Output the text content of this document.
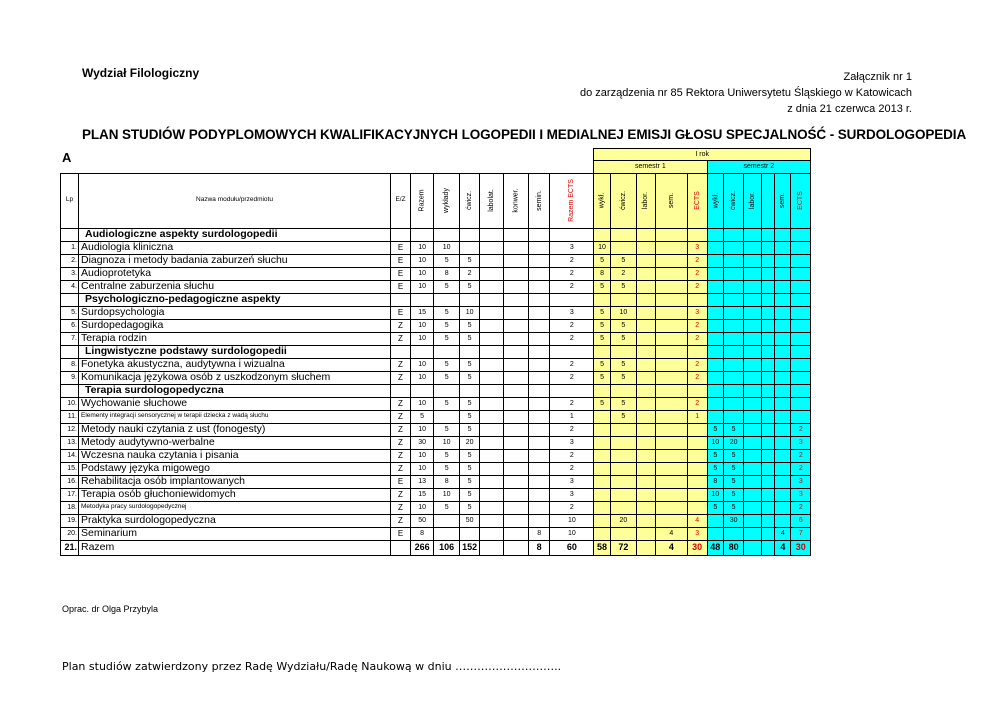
Wydział Filologiczny	Załącznik nr 1
do zarządzenia nr 85 Rektora Uniwersytetu Śląskiego w Katowicach
z dnia 21 czerwca 2013 r.
PLAN STUDIÓW PODYPLOMOWYCH KWALIFIKACYJNYCH LOGOPEDII I MEDIALNEJ EMISJI GŁOSU SPECJALNOŚĆ - SURDOLOGOPEDIA
A
										I rok										
										semestr 1					semestr 2					
Lp	Nazwa modułu/przedmiotu	E/Z	Razem	wykłady	ćwicz.	labolat.	konwer.	semin.	Razem ECTS	wykł.	ćwicz.	labor.	sem.	ECTS	wykł.	ćwicz.	labor.		sem.	ECTS
	Audiologiczne aspekty surdologopedii																			
1.	Audiologia kliniczna	E	10	10					3	10				3						
2.	Diagnoza i metody badania zaburzeń słuchu	E	10	5	5				2	5	5			2						
3.	Audioprotetyka	E	10	8	2				2	8	2			2						
4.	Centralne zaburzenia słuchu	E	10	5	5				2	5	5			2						
	Psychologiczno-pedagogiczne aspekty																			
5.	Surdopsychologia	E	15	5	10				3	5	10			3						
6.	Surdopedagogika	Z	10	5	5				2	5	5			2						
7.	Terapia rodzin	Z	10	5	5				2	5	5			2						
	Lingwistyczne podstawy surdologopedii																			
8.	Fonetyka akustyczna, audytywna i wizualna	Z	10	5	5				2	5	5			2						
9.	Komunikacja językowa osób z uszkodzonym słuchem	Z	10	5	5				2	5	5			2						
	Terapia surdologopedyczna																			
10.	Wychowanie słuchowe	Z	10	5	5				2	5	5			2						
11.	Elementy integracji sensorycznej w terapii dziecka z wadą słuchu	Z	5		5				1		5			1						
12.	Metody nauki czytania z ust (fonogesty)	Z	10	5	5				2						5	5				2
13.	Metody audytywno-werbalne	Z	30	10	20				3						10	20				3
14.	Wczesna nauka czytania i pisania	Z	10	5	5				2						5	5				2
15.	Podstawy języka migowego	Z	10	5	5				2						5	5				2
16.	Rehabilitacja osób implantowanych	E	13	8	5				3						8	5				3
17.	Terapia osób głuchoniewidomych	Z	15	10	5				3						10	5				3
18.	Metodyka pracy surdologopedycznej	Z	10	5	5				2						5	5				2
19.	Praktyka surdologopedyczna	Z	50		50				10		20			4		30				6
20.	Seminarium	E	8					8	10				4	3					4	7
21.	Razem		266	106	152			8	60	58	72		4	30	48	80			4	30
Oprac. dr Olga Przybyla
Plan studiów zatwierdzony przez Radę Wydziału/Radę Naukową w dniu ………………………..
